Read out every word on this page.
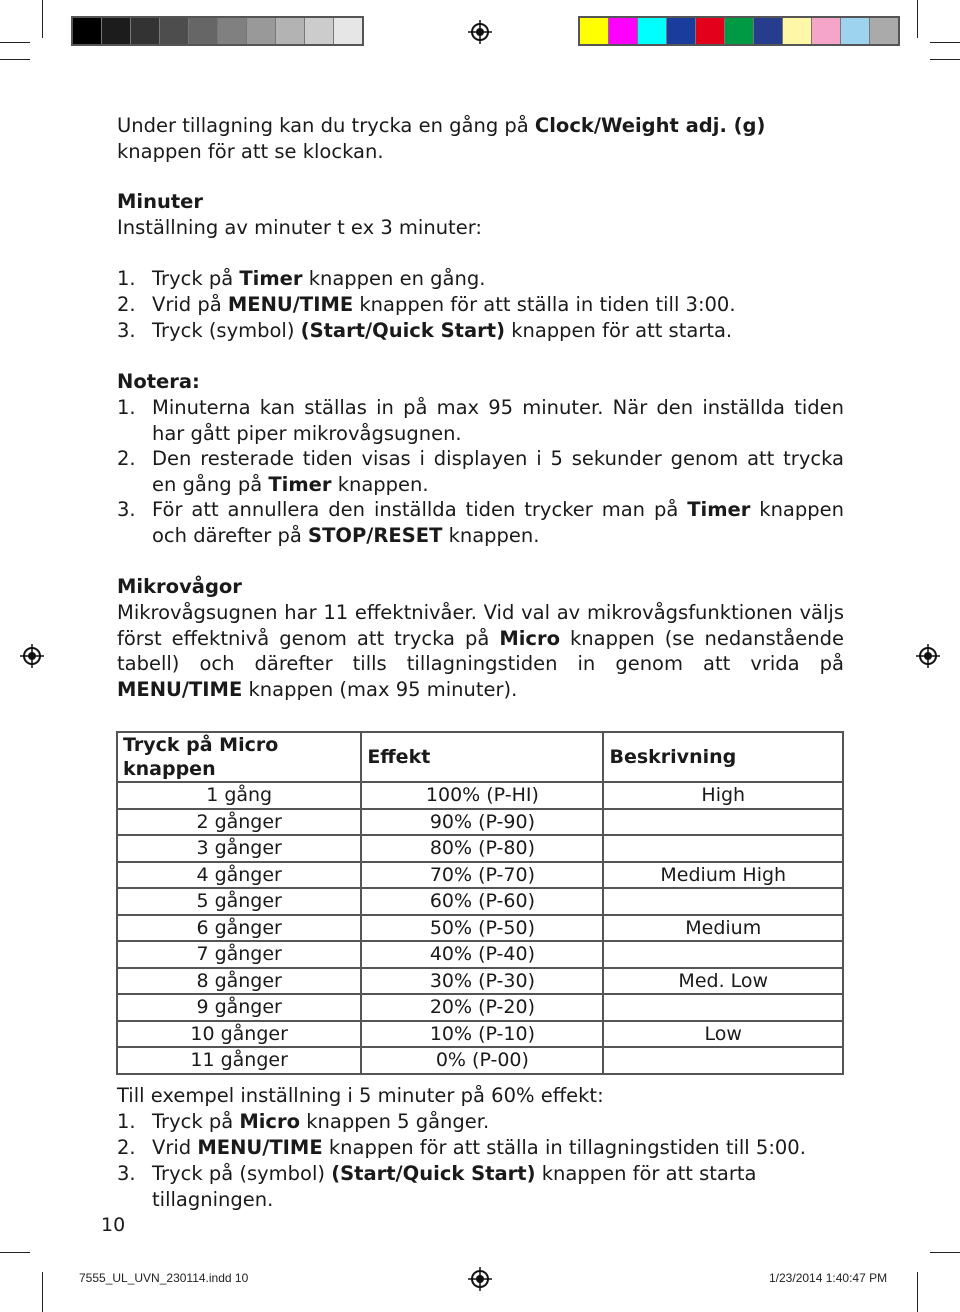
Under tillagning kan du trycka en gång på Clock/Weight adj. (g) knappen för att se klockan.
Minuter
Inställning av minuter t ex 3 minuter:
1. Tryck på Timer knappen en gång.
2. Vrid på MENU/TIME knappen för att ställa in tiden till 3:00.
3. Tryck (symbol) (Start/Quick Start) knappen för att starta.
Notera:
1. Minuterna kan ställas in på max 95 minuter. När den inställda tiden har gått piper mikrovågsugnen.
2. Den resterade tiden visas i displayen i 5 sekunder genom att trycka en gång på Timer knappen.
3. För att annullera den inställda tiden trycker man på Timer knappen och därefter på STOP/RESET knappen.
Mikrovågor
Mikrovågsugnen har 11 effektnivåer. Vid val av mikrovågsfunktionen väljs först effektnivå genom att trycka på Micro knappen (se nedanstående tabell) och därefter tills tillagningstiden in genom att vrida på MENU/TIME knappen (max 95 minuter).
Tryck på Micro knappen	Effekt	Beskrivning
1 gång	100% (P-HI)	High
2 gånger	90% (P-90)	
3 gånger	80% (P-80)	
4 gånger	70% (P-70)	Medium High
5 gånger	60% (P-60)	
6 gånger	50% (P-50)	Medium
7 gånger	40% (P-40)	
8 gånger	30% (P-30)	Med. Low
9 gånger	20% (P-20)	
10 gånger	10% (P-10)	Low
11 gånger	0% (P-00)	
Till exempel inställning i 5 minuter på 60% effekt:
1. Tryck på Micro knappen 5 gånger.
2. Vrid MENU/TIME knappen för att ställa in tillagningstiden till 5:00.
3. Tryck på (symbol) (Start/Quick Start) knappen för att starta tillagningen.
10
7555_UL_UVN_230114.indd 10	1/23/2014 1:40:47 PM
